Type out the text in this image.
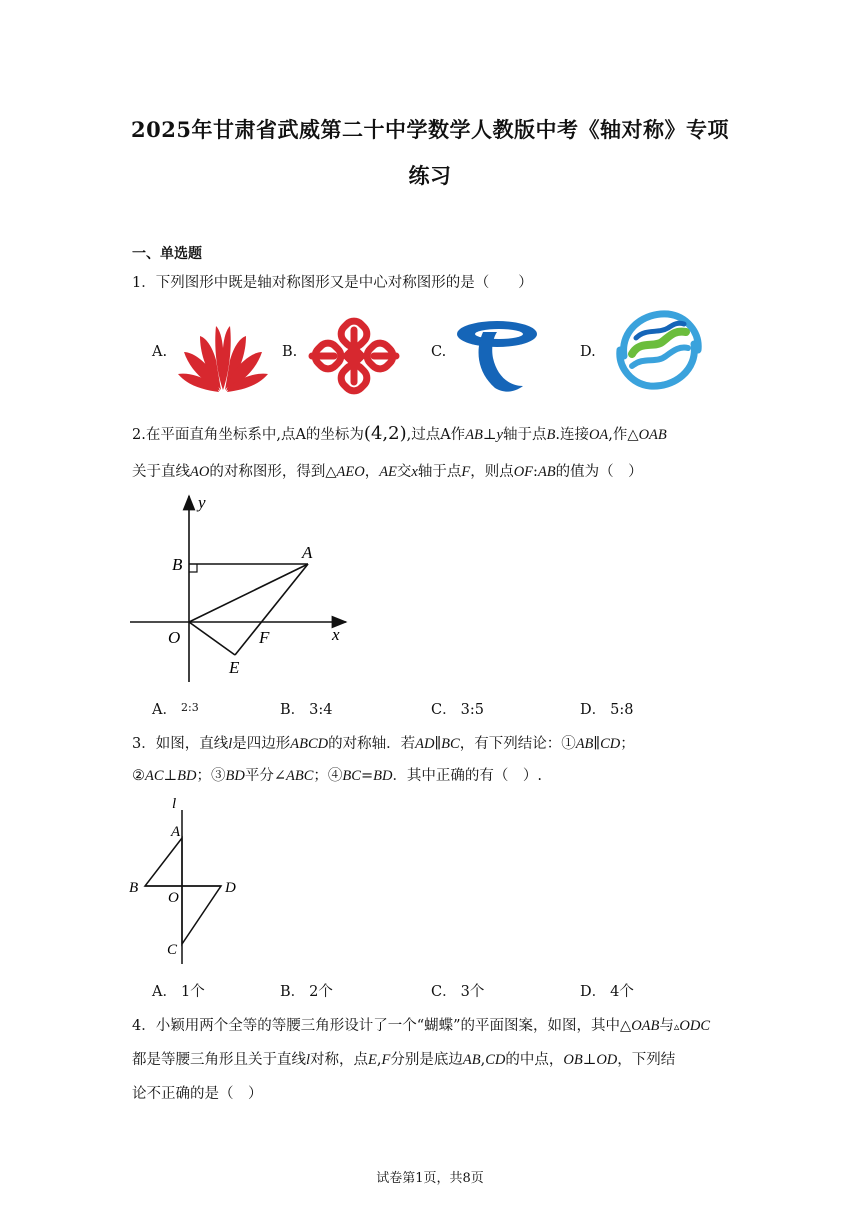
2025年甘肃省武威第二十中学数学人教版中考《轴对称》专项
练习
一、单选题
1．下列图形中既是轴对称图形又是中心对称图形的是（　　）
A.	B.	C.	D.
2.在平面直角坐标系中,点A的坐标为(4,2),过点A作AB⊥y轴于点B.连接OA,作△OAB
关于直线AO的对称图形，得到△AEO，AE交x轴于点F，则点OF:AB的值为（　）
y
x
B
A
O	F
E
A． $^{2:3}$	B． 3:4	C． 3:5	D． 5:8
3．如图，直线l是四边形ABCD的对称轴．若AD∥BC，有下列结论：①AB∥CD；
②AC⊥BD；③BD平分∠ABC；④BC=BD．其中正确的有（　）.
l
A
B
O
D
C
A． 1个	B． 2个	C． 3个	D． 4个
4．小颖用两个全等的等腰三角形设计了一个“蝴蝶”的平面图案，如图，其中△OAB与▵ODC
都是等腰三角形且关于直线l对称，点E,F分别是底边AB,CD的中点，OB⊥OD，下列结
论不正确的是（　）
试卷第1页，共8页
